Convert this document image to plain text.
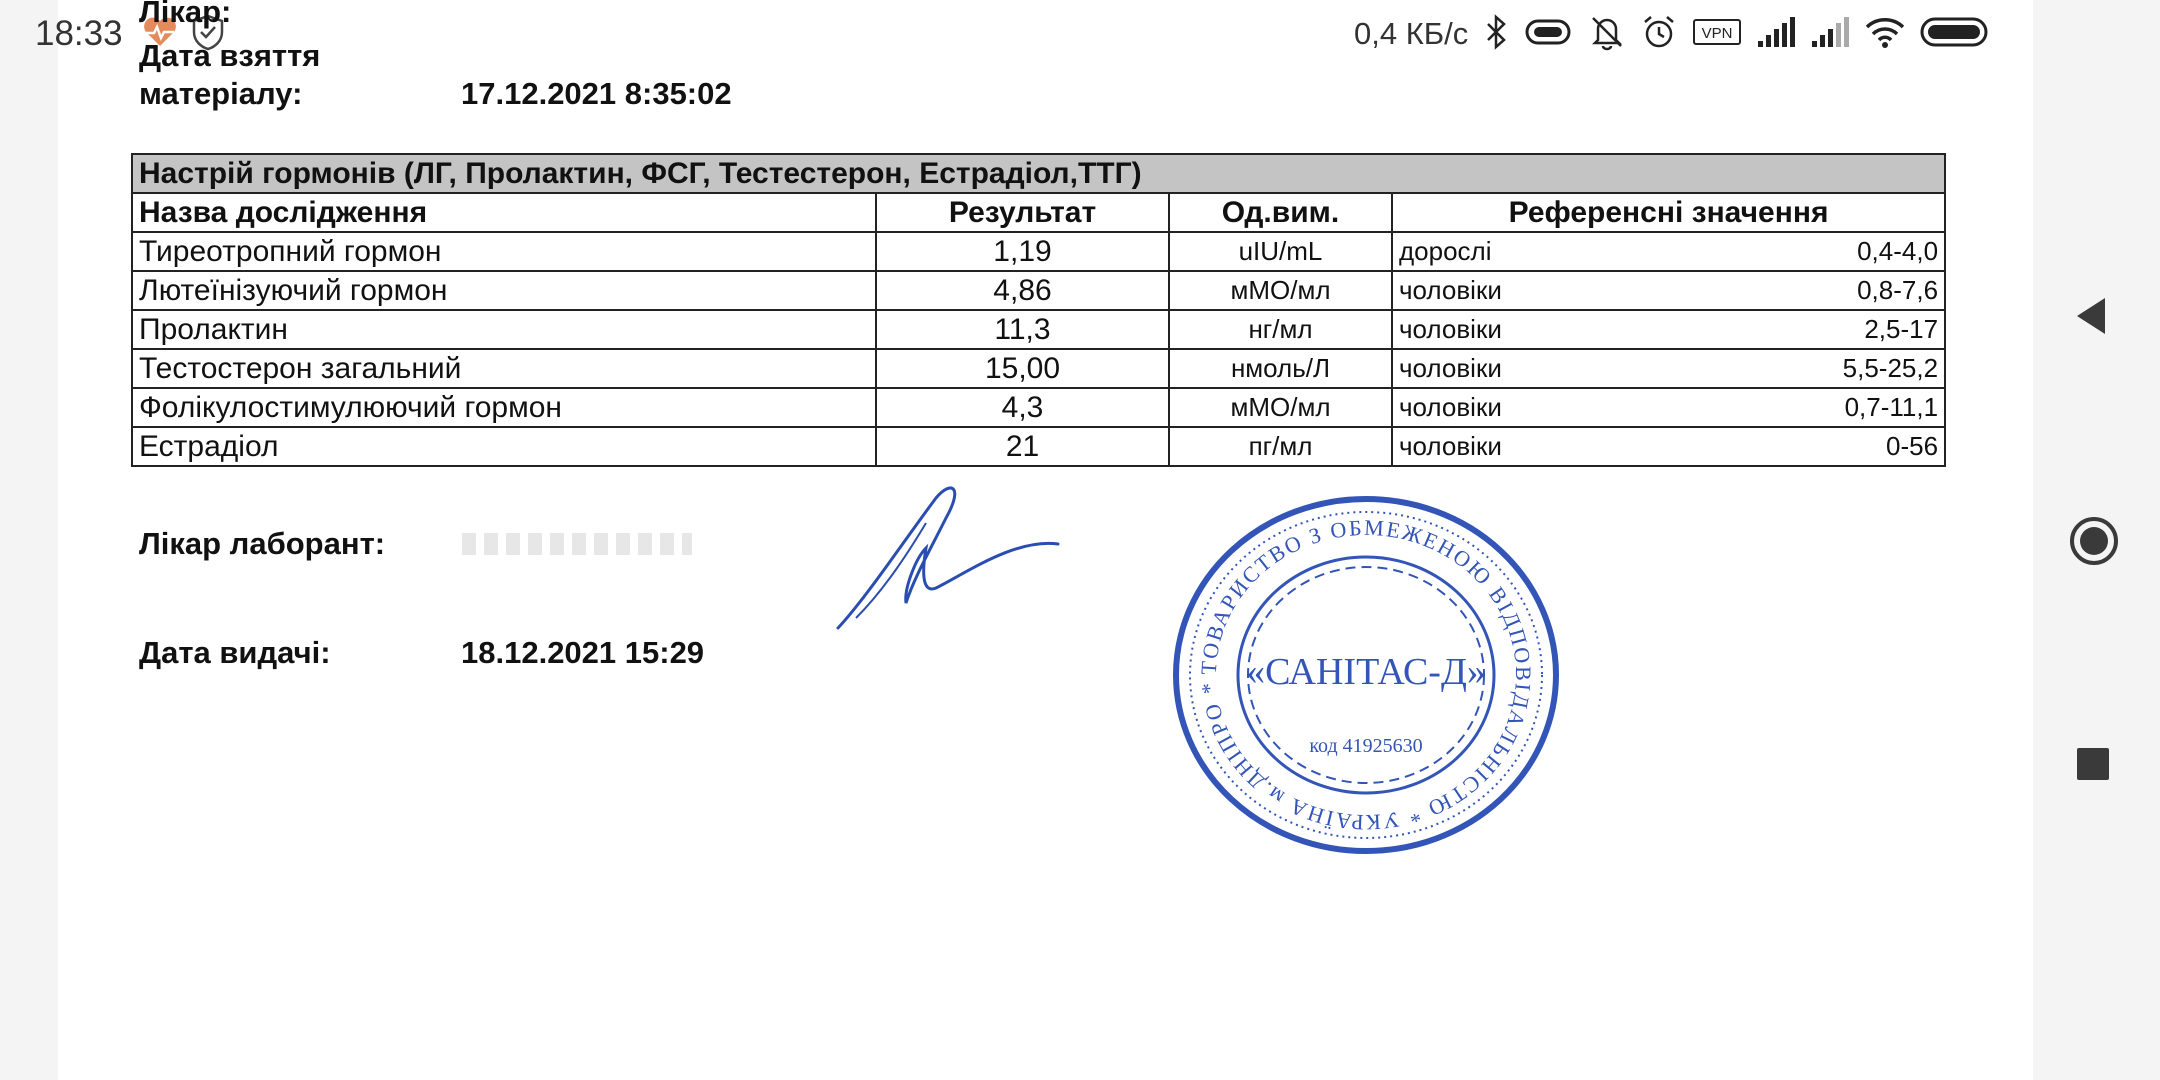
18:33	0,4 КБ/с	VPN
Лікар:
Дата взяття
матеріалу:	17.12.2021 8:35:02
Настрій гормонів (ЛГ, Пролактин, ФСГ, Тестестерон, Естрадіол,ТТГ)			
Назва дослідження	Результат	Од.вим.	Референсні значення
Тиреотропний гормон	1,19	uIU/mL	дорослі 0,4-4,0

Лютеїнізуючий гормон	4,86	мМО/мл	чоловіки 0,8-7,6

Пролактин	11,3	нг/мл	чоловіки 2,5-17

Тестостерон загальний	15,00	нмоль/Л	чоловіки 5,5-25,2

Фолікулостимулюючий гормон	4,3	мМО/мл	чоловіки 0,7-11,1

Естрадіол	21	пг/мл	чоловіки 0-56
Лікар лаборант:
Дата видачі:	18.12.2021 15:29	ТОВАРИСТВО З ОБМЕЖЕНОЮ ВІДПОВІДАЛЬНІСТЮ * УКРАЇНА м.ДНІПРО * «САНІТАС-Д»
код 41925630
